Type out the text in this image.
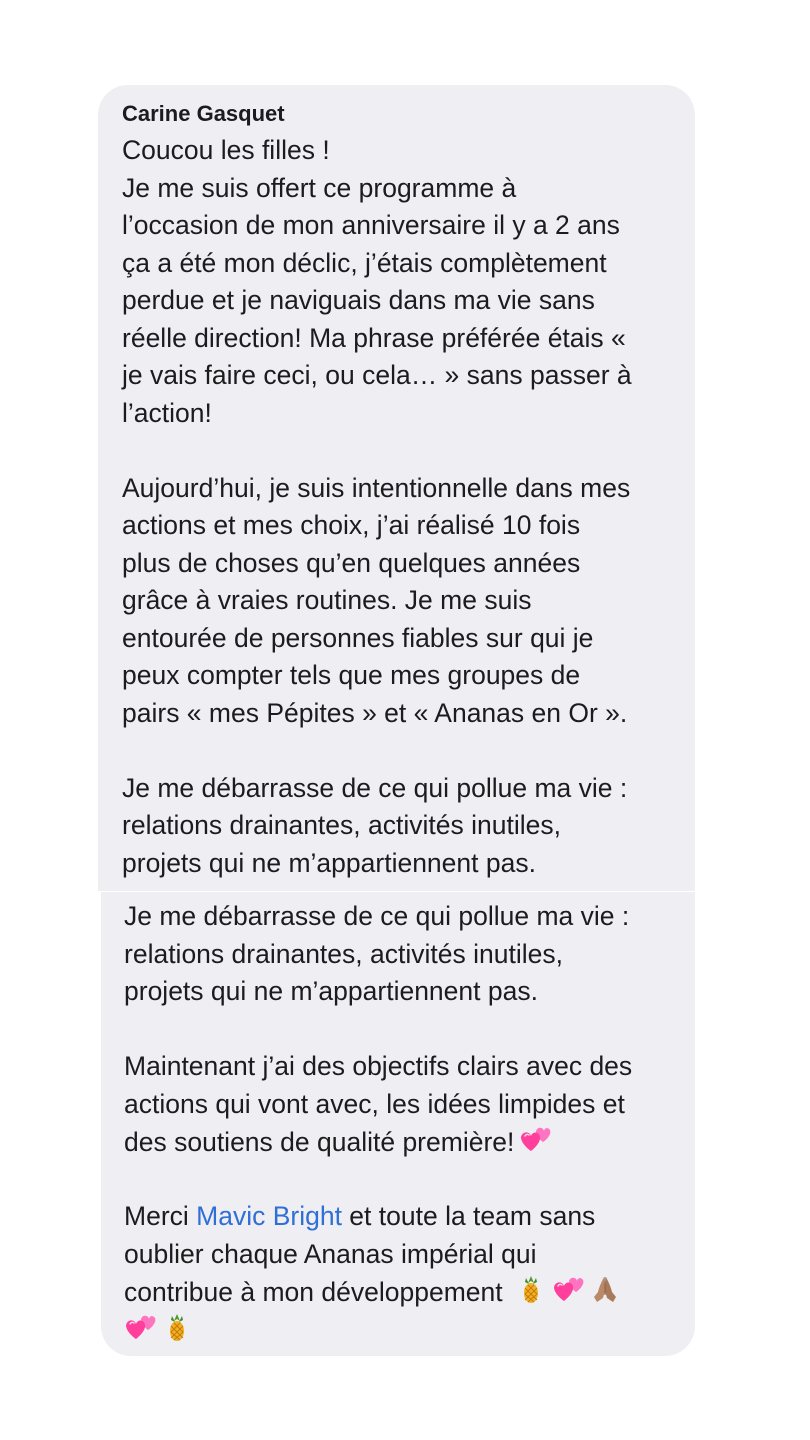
Carine Gasquet
Coucou les filles !
Je me suis offert ce programme à
l’occasion de mon anniversaire il y a 2 ans
ça a été mon déclic, j’étais complètement
perdue et je naviguais dans ma vie sans
réelle direction! Ma phrase préférée étais «
je vais faire ceci, ou cela… » sans passer à
l’action!
Aujourd’hui, je suis intentionnelle dans mes
actions et mes choix, j’ai réalisé 10 fois
plus de choses qu’en quelques années
grâce à vraies routines. Je me suis
entourée de personnes fiables sur qui je
peux compter tels que mes groupes de
pairs « mes Pépites » et « Ananas en Or ».
Je me débarrasse de ce qui pollue ma vie :
relations drainantes, activités inutiles,
projets qui ne m’appartiennent pas.
Je me débarrasse de ce qui pollue ma vie :
relations drainantes, activités inutiles,
projets qui ne m’appartiennent pas.
Maintenant j’ai des objectifs clairs avec des
actions qui vont avec, les idées limpides et
des soutiens de qualité première!
Merci Mavic Bright et toute la team sans
oublier chaque Ananas impérial qui
contribue à mon développement
